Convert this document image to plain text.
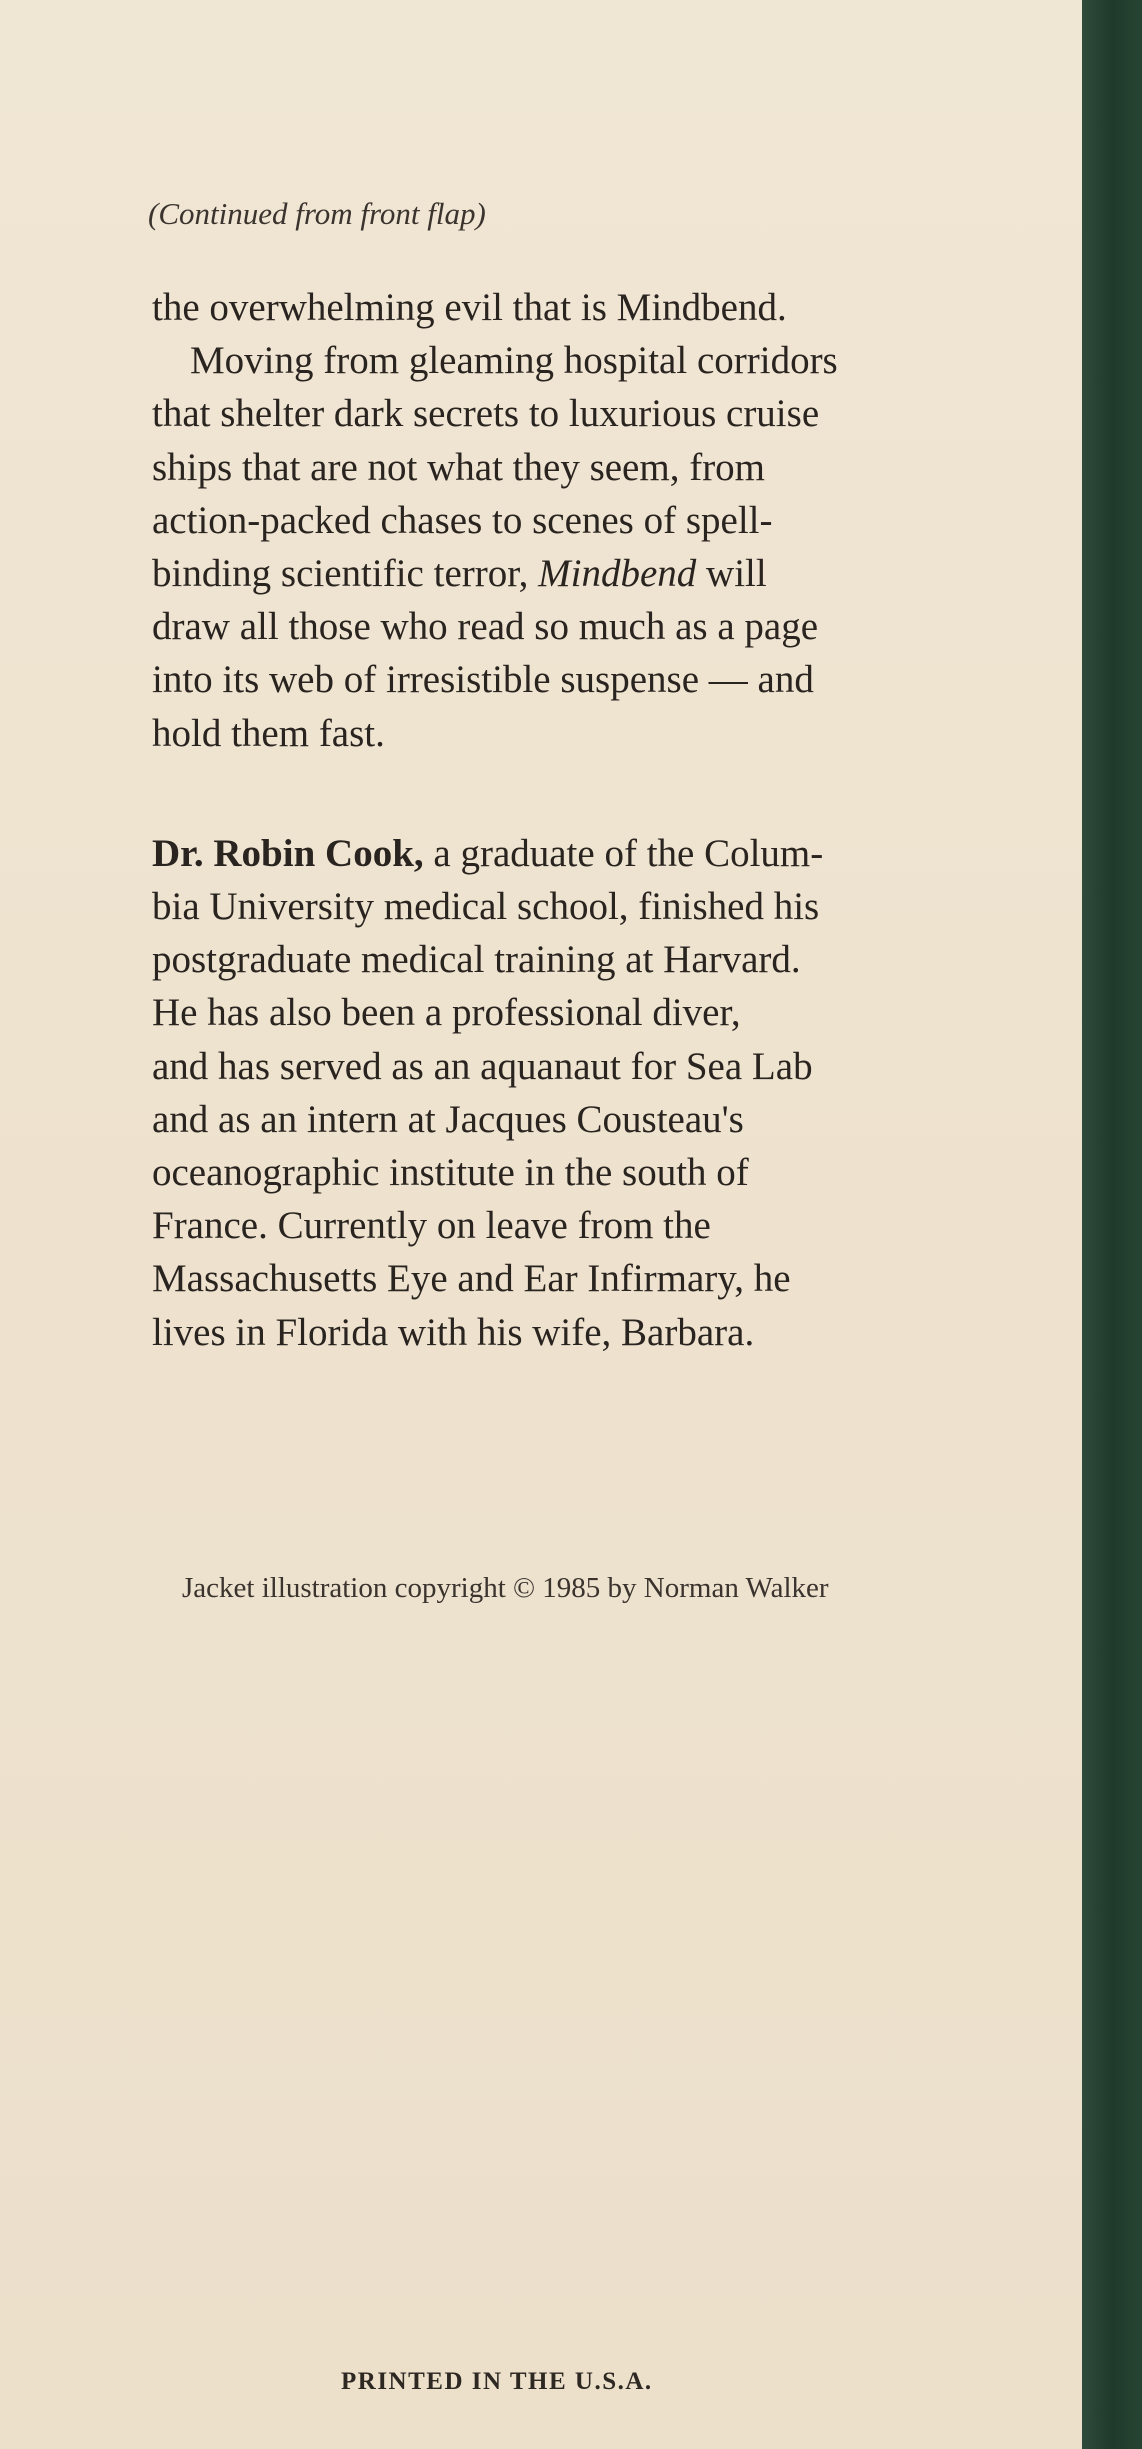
(Continued from front flap)
the overwhelming evil that is Mindbend.
Moving from gleaming hospital corridors
that shelter dark secrets to luxurious cruise
ships that are not what they seem, from
action-packed chases to scenes of spell-
binding scientific terror, Mindbend will
draw all those who read so much as a page
into its web of irresistible suspense — and
hold them fast.
Dr. Robin Cook, a graduate of the Colum-
bia University medical school, finished his
postgraduate medical training at Harvard.
He has also been a professional diver,
and has served as an aquanaut for Sea Lab
and as an intern at Jacques Cousteau's
oceanographic institute in the south of
France. Currently on leave from the
Massachusetts Eye and Ear Infirmary, he
lives in Florida with his wife, Barbara.
Jacket illustration copyright © 1985 by Norman Walker
PRINTED IN THE U.S.A.
